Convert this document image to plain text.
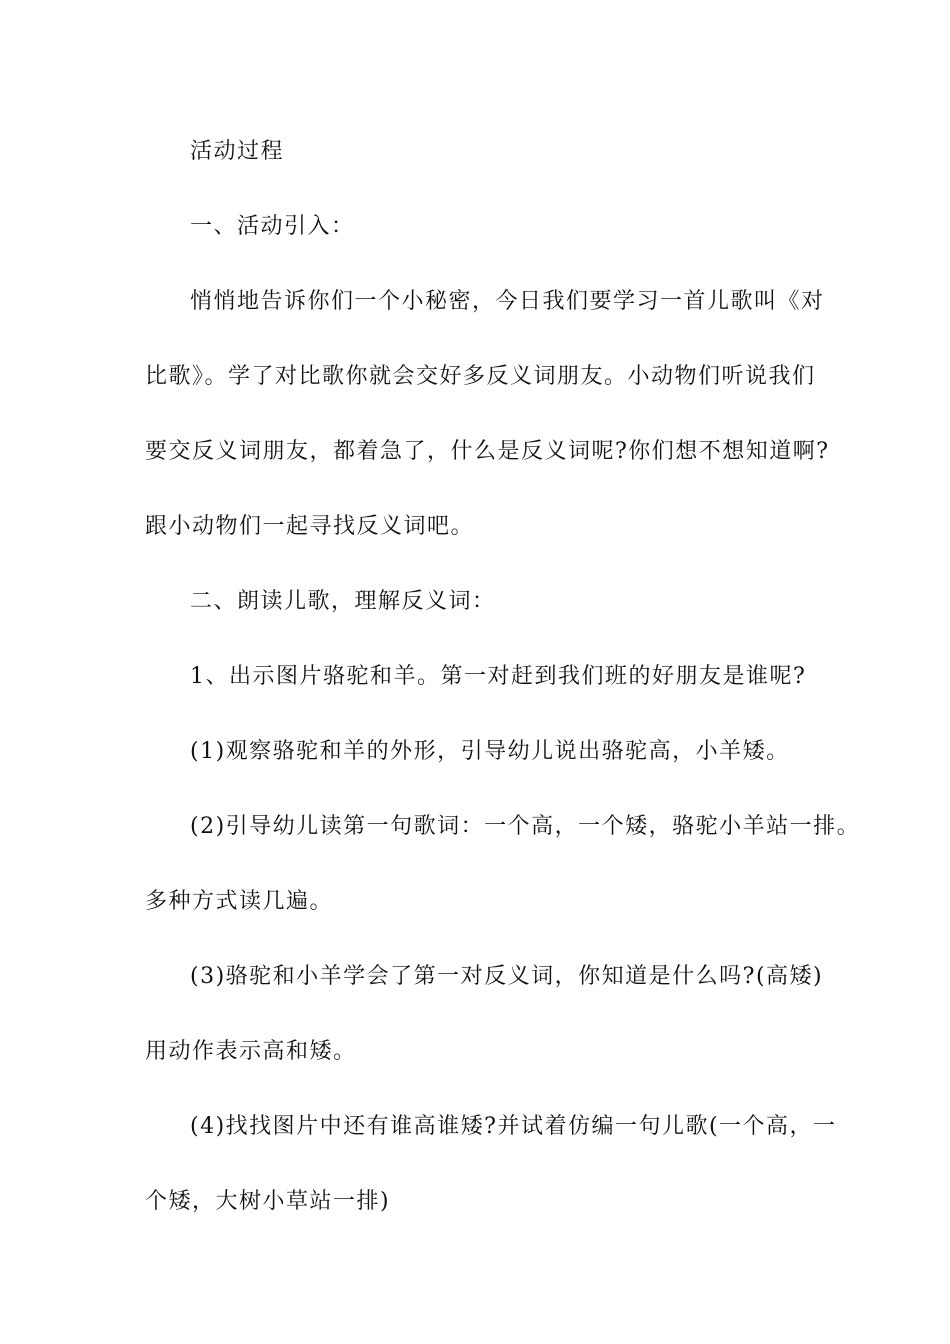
活动过程
一、活动引入：
悄悄地告诉你们一个小秘密，今日我们要学习一首儿歌叫《对
比歌》。学了对比歌你就会交好多反义词朋友。小动物们听说我们
要交反义词朋友，都着急了，什么是反义词呢?你们想不想知道啊?
跟小动物们一起寻找反义词吧。
二、朗读儿歌，理解反义词：
1、出示图片骆驼和羊。第一对赶到我们班的好朋友是谁呢?
(1)观察骆驼和羊的外形，引导幼儿说出骆驼高，小羊矮。
(2)引导幼儿读第一句歌词：一个高，一个矮，骆驼小羊站一排。
多种方式读几遍。
(3)骆驼和小羊学会了第一对反义词，你知道是什么吗?(高矮)
用动作表示高和矮。
(4)找找图片中还有谁高谁矮?并试着仿编一句儿歌(一个高，一
个矮，大树小草站一排)
